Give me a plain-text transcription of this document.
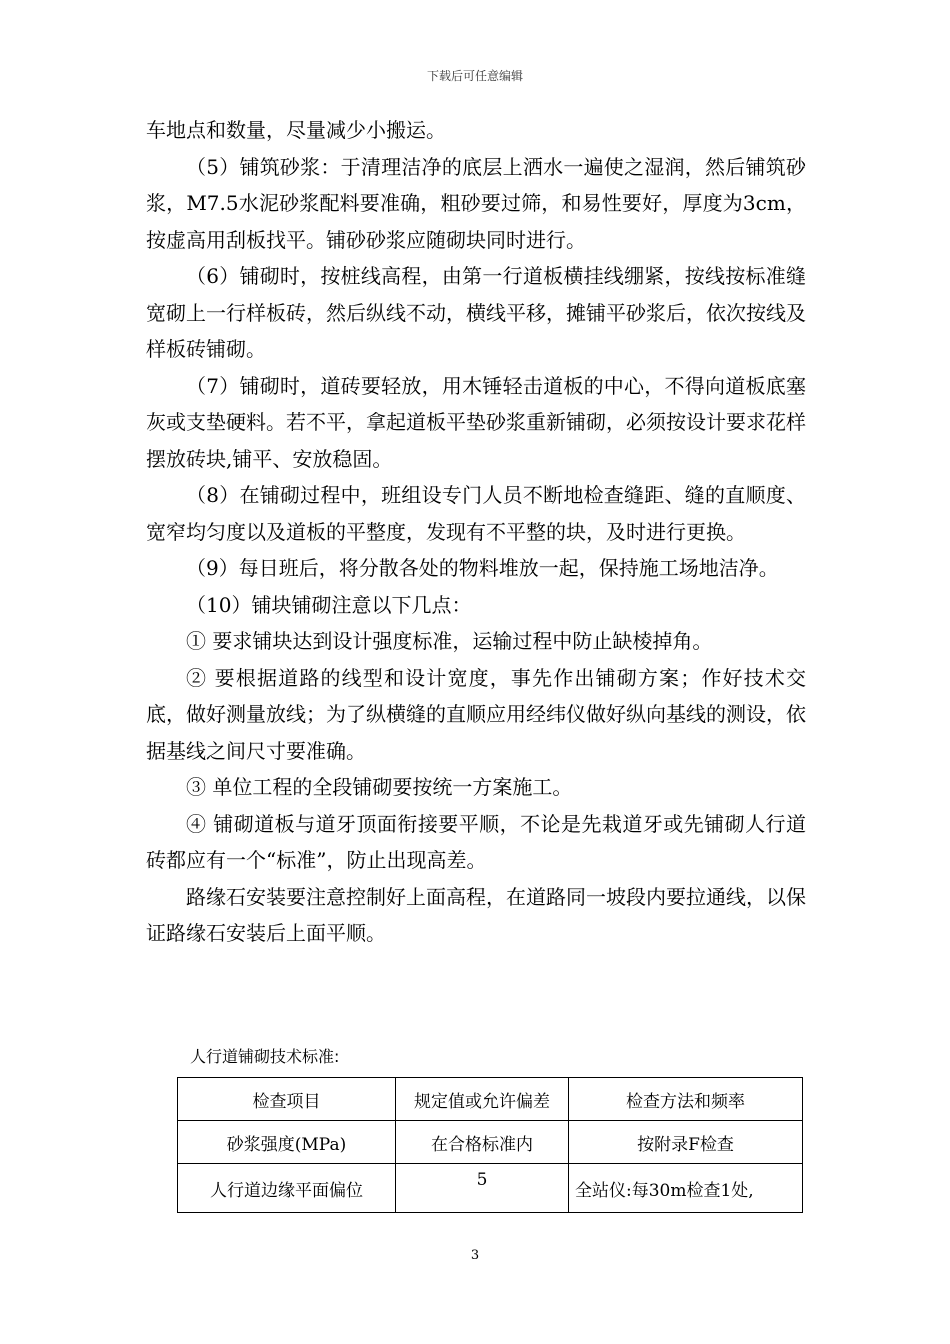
下载后可任意编辑

车地点和数量，尽量减少小搬运。

（5）铺筑砂浆：于清理洁净的底层上洒水一遍使之湿润，然后铺筑砂浆，M7.5水泥砂浆配料要准确，粗砂要过筛，和易性要好，厚度为3cm，按虚高用刮板找平。铺砂砂浆应随砌块同时进行。

（6）铺砌时，按桩线高程，由第一行道板横挂线绷紧，按线按标准缝宽砌上一行样板砖，然后纵线不动，横线平移，摊铺平砂浆后，依次按线及样板砖铺砌。

（7）铺砌时，道砖要轻放，用木锤轻击道板的中心，不得向道板底塞灰或支垫硬料。若不平，拿起道板平垫砂浆重新铺砌，必须按设计要求花样摆放砖块,铺平、安放稳固。

（8）在铺砌过程中，班组设专门人员不断地检查缝距、缝的直顺度、宽窄均匀度以及道板的平整度，发现有不平整的块，及时进行更换。

（9）每日班后，将分散各处的物料堆放一起，保持施工场地洁净。

（10）铺块铺砌注意以下几点：

① 要求铺块达到设计强度标准，运输过程中防止缺棱掉角。

② 要根据道路的线型和设计宽度，事先作出铺砌方案；作好技术交底，做好测量放线；为了纵横缝的直顺应用经纬仪做好纵向基线的测设，依据基线之间尺寸要准确。

③ 单位工程的全段铺砌要按统一方案施工。

④ 铺砌道板与道牙顶面衔接要平顺，不论是先栽道牙或先铺砌人行道砖都应有一个“标准”，防止出现高差。

路缘石安装要注意控制好上面高程，在道路同一坡段内要拉通线，以保证路缘石安装后上面平顺。

人行道铺砌技术标准:
检查项目	规定值或允许偏差	检查方法和频率
砂浆强度(MPa)	在合格标准内	按附录F检查
人行道边缘平面偏位	5	全站仪:每30m检查1处,
3
